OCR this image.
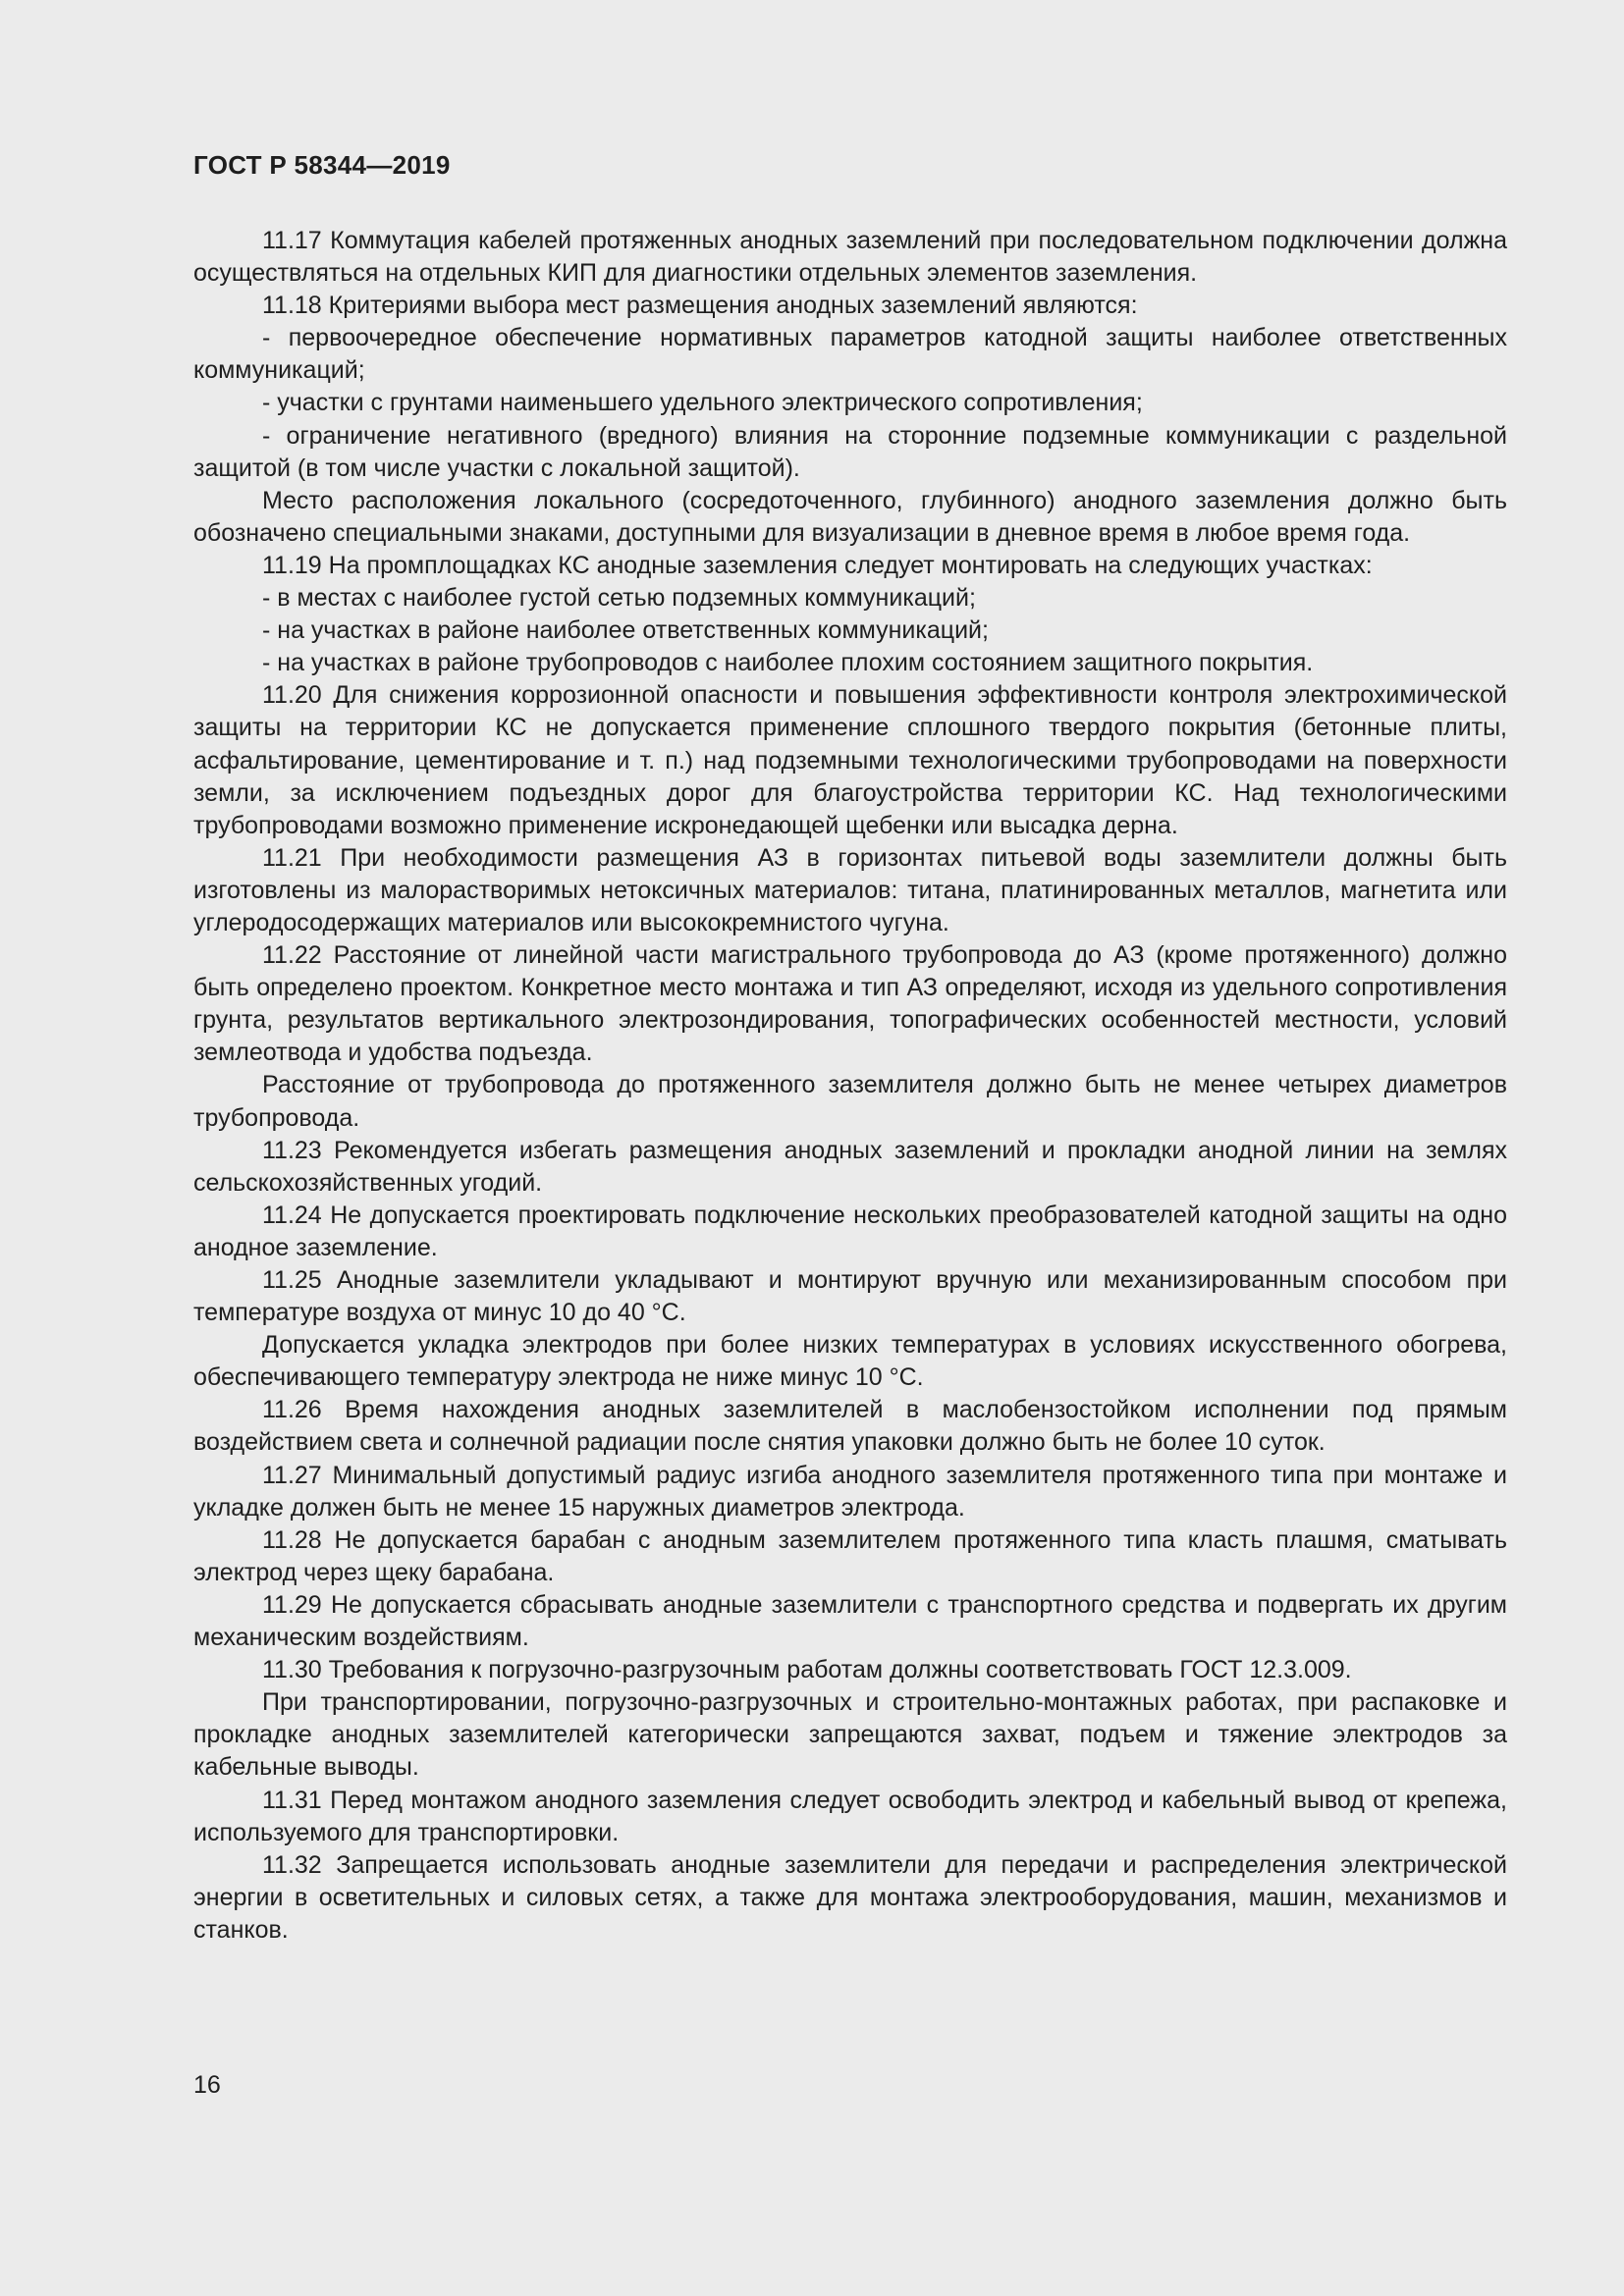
ГОСТ Р 58344—2019

11.17 Коммутация кабелей протяженных анодных заземлений при последовательном подключении должна осуществляться на отдельных КИП для диагностики отдельных элементов заземления.

11.18 Критериями выбора мест размещения анодных заземлений являются:

- первоочередное обеспечение нормативных параметров катодной защиты наиболее ответственных коммуникаций;

- участки с грунтами наименьшего удельного электрического сопротивления;

- ограничение негативного (вредного) влияния на сторонние подземные коммуникации с раздельной защитой (в том числе участки с локальной защитой).

Место расположения локального (сосредоточенного, глубинного) анодного заземления должно быть обозначено специальными знаками, доступными для визуализации в дневное время в любое время года.

11.19 На промплощадках КС анодные заземления следует монтировать на следующих участках:

- в местах с наиболее густой сетью подземных коммуникаций;

- на участках в районе наиболее ответственных коммуникаций;

- на участках в районе трубопроводов с наиболее плохим состоянием защитного покрытия.

11.20 Для снижения коррозионной опасности и повышения эффективности контроля электрохимической защиты на территории КС не допускается применение сплошного твердого покрытия (бетонные плиты, асфальтирование, цементирование и т. п.) над подземными технологическими трубопроводами на поверхности земли, за исключением подъездных дорог для благоустройства территории КС. Над технологическими трубопроводами возможно применение искронедающей щебенки или высадка дерна.

11.21 При необходимости размещения АЗ в горизонтах питьевой воды заземлители должны быть изготовлены из малорастворимых нетоксичных материалов: титана, платинированных металлов, магнетита или углеродосодержащих материалов или высококремнистого чугуна.

11.22 Расстояние от линейной части магистрального трубопровода до АЗ (кроме протяженного) должно быть определено проектом. Конкретное место монтажа и тип АЗ определяют, исходя из удельного сопротивления грунта, результатов вертикального электрозондирования, топографических особенностей местности, условий землеотвода и удобства подъезда.

Расстояние от трубопровода до протяженного заземлителя должно быть не менее четырех диаметров трубопровода.

11.23 Рекомендуется избегать размещения анодных заземлений и прокладки анодной линии на землях сельскохозяйственных угодий.

11.24 Не допускается проектировать подключение нескольких преобразователей катодной защиты на одно анодное заземление.

11.25 Анодные заземлители укладывают и монтируют вручную или механизированным способом при температуре воздуха от минус 10 до 40 °С.

Допускается укладка электродов при более низких температурах в условиях искусственного обогрева, обеспечивающего температуру электрода не ниже минус 10 °С.

11.26 Время нахождения анодных заземлителей в маслобензостойком исполнении под прямым воздействием света и солнечной радиации после снятия упаковки должно быть не более 10 суток.

11.27 Минимальный допустимый радиус изгиба анодного заземлителя протяженного типа при монтаже и укладке должен быть не менее 15 наружных диаметров электрода.

11.28 Не допускается барабан с анодным заземлителем протяженного типа класть плашмя, сматывать электрод через щеку барабана.

11.29 Не допускается сбрасывать анодные заземлители с транспортного средства и подвергать их другим механическим воздействиям.

11.30 Требования к погрузочно-разгрузочным работам должны соответствовать ГОСТ 12.3.009.

При транспортировании, погрузочно-разгрузочных и строительно-монтажных работах, при распаковке и прокладке анодных заземлителей категорически запрещаются захват, подъем и тяжение электродов за кабельные выводы.

11.31 Перед монтажом анодного заземления следует освободить электрод и кабельный вывод от крепежа, используемого для транспортировки.

11.32 Запрещается использовать анодные заземлители для передачи и распределения электрической энергии в осветительных и силовых сетях, а также для монтажа электрооборудования, машин, механизмов и станков.

16
